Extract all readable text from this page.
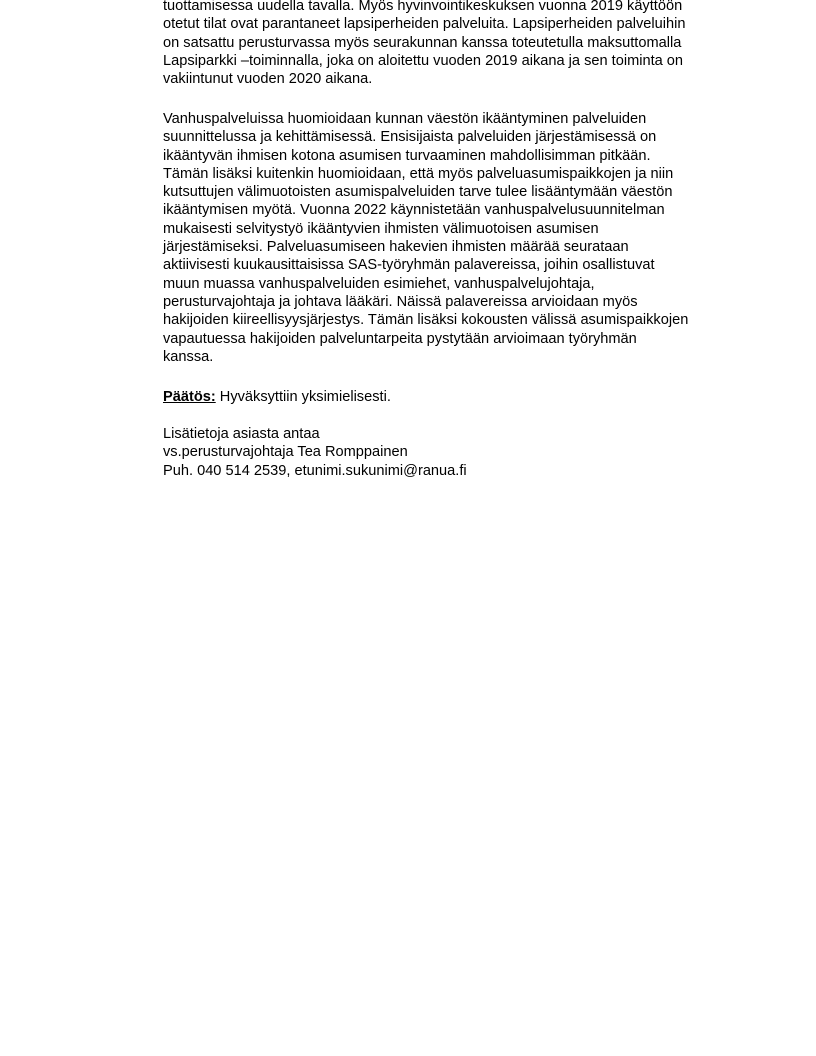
tuottamisessa uudella tavalla. Myös hyvinvointikeskuksen vuonna 2019 käyttöön
otetut tilat ovat parantaneet lapsiperheiden palveluita. Lapsiperheiden palveluihin
on satsattu perusturvassa myös seurakunnan kanssa toteutetulla maksuttomalla
Lapsiparkki –toiminnalla, joka on aloitettu vuoden 2019 aikana ja sen toiminta on
vakiintunut vuoden 2020 aikana.
Vanhuspalveluissa huomioidaan kunnan väestön ikääntyminen palveluiden
suunnittelussa ja kehittämisessä. Ensisijaista palveluiden järjestämisessä on
ikääntyvän ihmisen kotona asumisen turvaaminen mahdollisimman pitkään.
Tämän lisäksi kuitenkin huomioidaan, että myös palveluasumispaikkojen ja niin
kutsuttujen välimuotoisten asumispalveluiden tarve tulee lisääntymään väestön
ikääntymisen myötä. Vuonna 2022 käynnistetään vanhuspalvelusuunnitelman
mukaisesti selvitystyö ikääntyvien ihmisten välimuotoisen asumisen
järjestämiseksi. Palveluasumiseen hakevien ihmisten määrää seurataan
aktiivisesti kuukausittaisissa SAS-työryhmän palavereissa, joihin osallistuvat
muun muassa vanhuspalveluiden esimiehet, vanhuspalvelujohtaja,
perusturvajohtaja ja johtava lääkäri. Näissä palavereissa arvioidaan myös
hakijoiden kiireellisyysjärjestys. Tämän lisäksi kokousten välissä asumispaikkojen
vapautuessa hakijoiden palveluntarpeita pystytään arvioimaan työryhmän
kanssa.
Päätös: Hyväksyttiin yksimielisesti.
Lisätietoja asiasta antaa
vs.perusturvajohtaja Tea Romppainen
Puh. 040 514 2539, etunimi.sukunimi@ranua.fi
